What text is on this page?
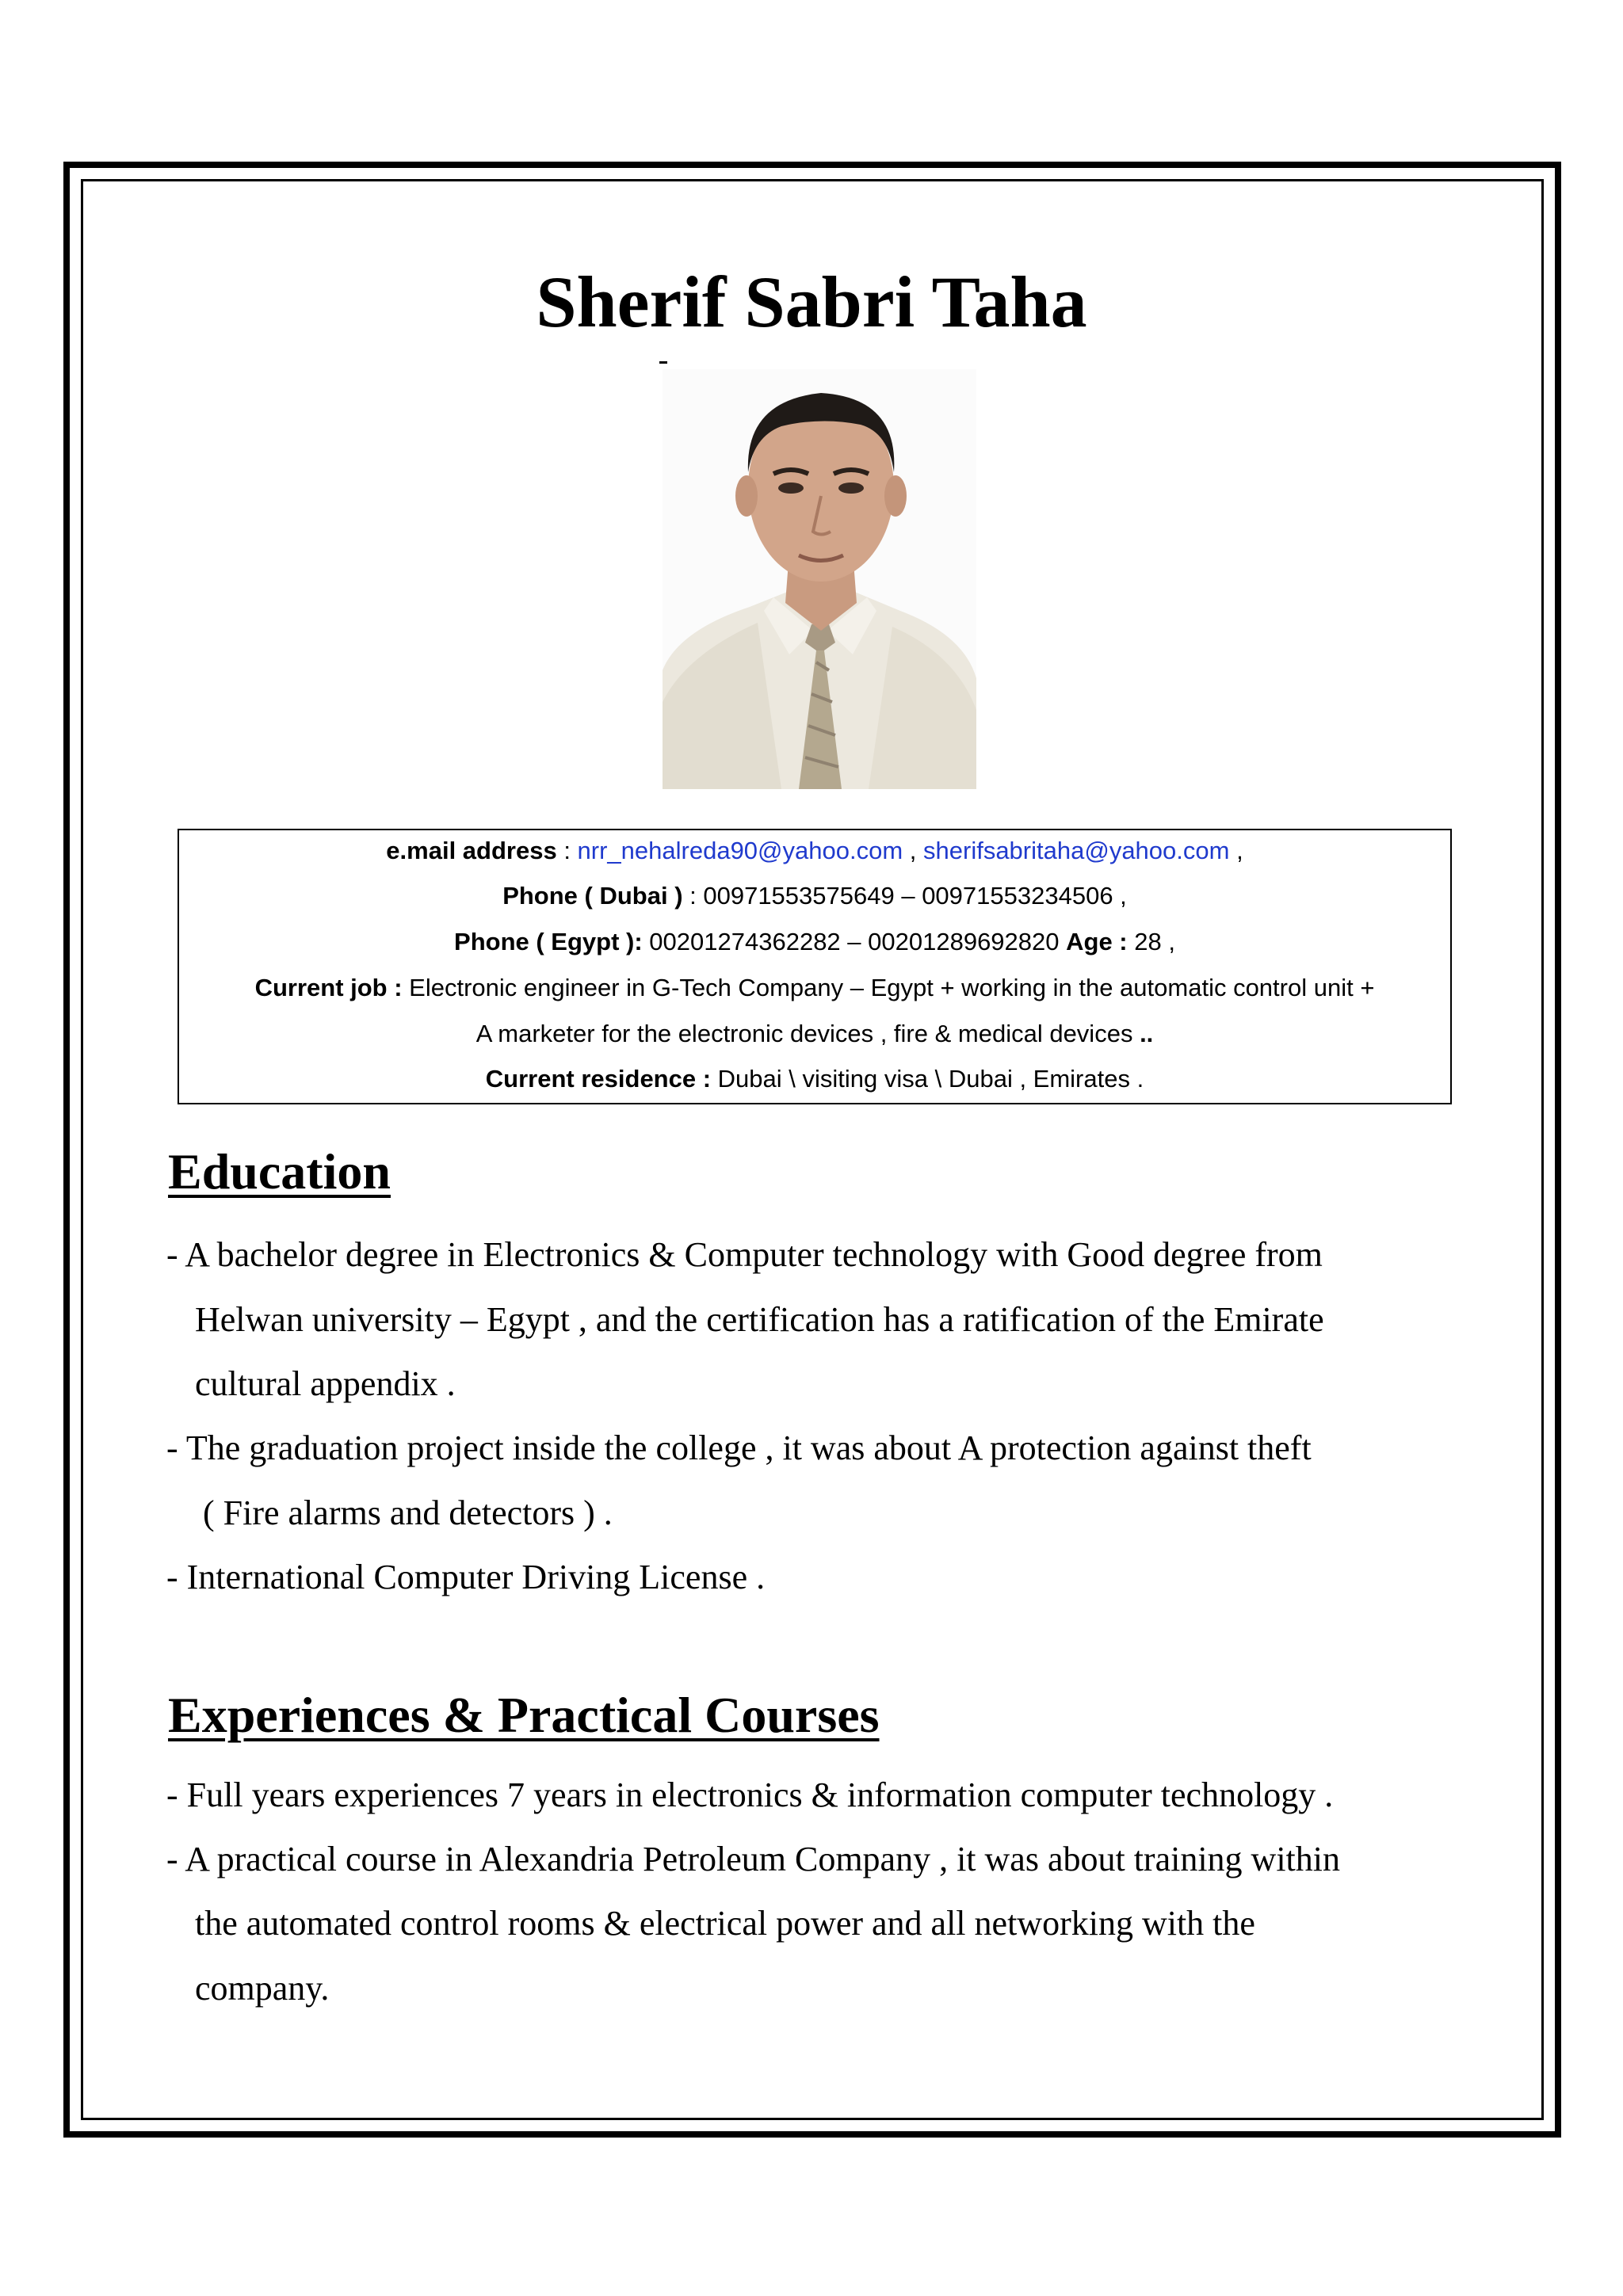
Sherif Sabri Taha
e.mail address : nrr_nehalreda90@yahoo.com , sherifsabritaha@yahoo.com ,
Phone ( Dubai ) : 00971553575649 – 00971553234506 ,
Phone ( Egypt ): 00201274362282 – 00201289692820 Age : 28 ,
Current job : Electronic engineer in G-Tech Company – Egypt + working in the automatic control unit +
A marketer for the electronic devices , fire & medical devices ..
Current residence : Dubai \ visiting visa \ Dubai , Emirates .
Education
- A bachelor degree in Electronics & Computer technology with Good degree from
Helwan university – Egypt , and the certification has a ratification of the Emirate
cultural appendix .
- The graduation project inside the college , it was about A protection against theft
( Fire alarms and detectors ) .
- International Computer Driving License .
Experiences & Practical Courses
- Full years experiences 7 years in electronics & information computer technology .
- A practical course in Alexandria Petroleum Company , it was about training within
the automated control rooms & electrical power and all networking with the
company.
